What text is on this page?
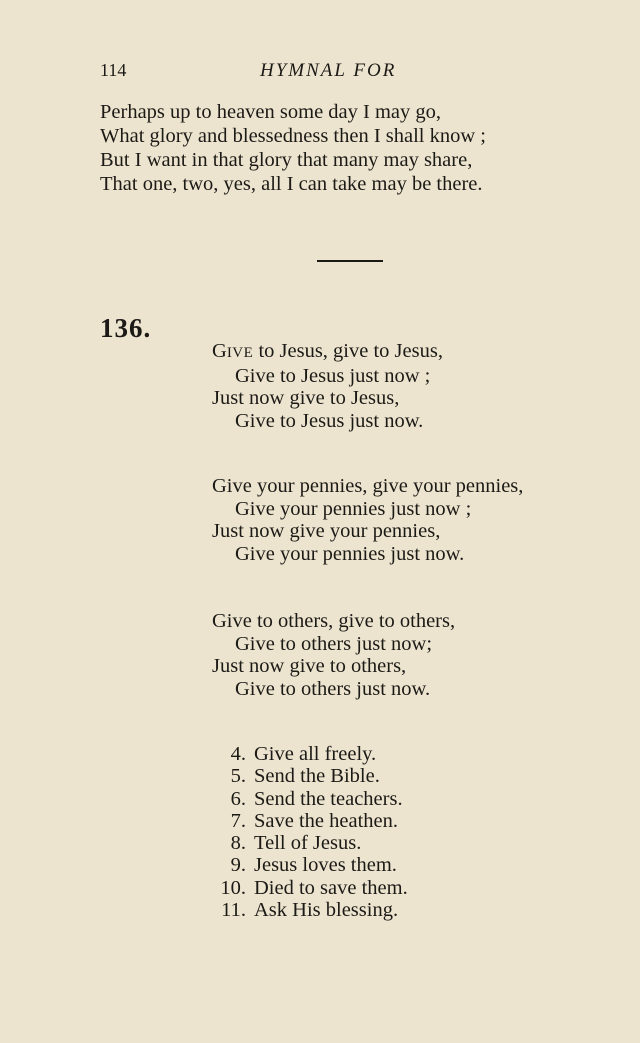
114	HYMNAL FOR
Perhaps up to heaven some day I may go,
What glory and blessedness then I shall know ;
But I want in that glory that many may share,
That one, two, yes, all I can take may be there.
136.
GIVE to Jesus, give to Jesus,
Give to Jesus just now ;
Just now give to Jesus,
Give to Jesus just now.
Give your pennies, give your pennies,
Give your pennies just now ;
Just now give your pennies,
Give your pennies just now.
Give to others, give to others,
Give to others just now;
Just now give to others,
Give to others just now.
4. Give all freely.
5. Send the Bible.
6. Send the teachers.
7. Save the heathen.
8. Tell of Jesus.
9. Jesus loves them.
10. Died to save them.
11. Ask His blessing.
